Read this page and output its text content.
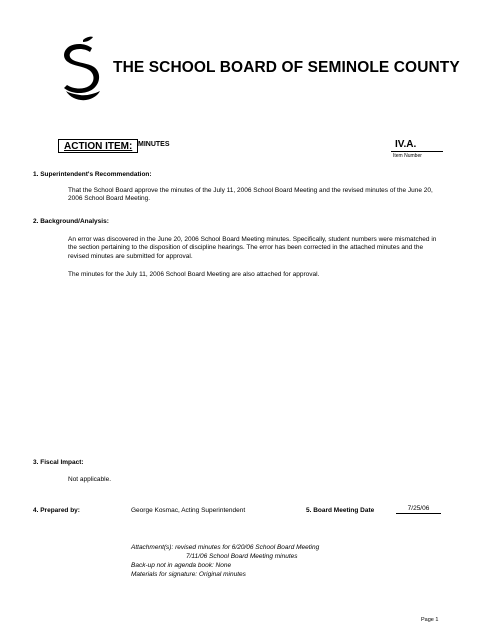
THE SCHOOL BOARD OF SEMINOLE COUNTY
ACTION ITEM: MINUTES	IV.A.
Item Number
1. Superintendent's Recommendation:
That the School Board approve the minutes of the July 11, 2006 School Board Meeting and the revised minutes of the June 20, 2006 School Board Meeting.
2. Background/Analysis:
An error was discovered in the June 20, 2006 School Board Meeting minutes. Specifically, student numbers were mismatched in the section pertaining to the disposition of discipline hearings. The error has been corrected in the attached minutes and the revised minutes are submitted for approval.
The minutes for the July 11, 2006 School Board Meeting are also attached for approval.
3. Fiscal Impact:
Not applicable.
4. Prepared by:	George Kosmac, Acting Superintendent	5. Board Meeting Date	7/25/06
Attachment(s): revised minutes for 6/20/06 School Board Meeting
7/11/06 School Board Meeting minutes
Back-up not in agenda book: None
Materials for signature: Original minutes
Page 1
